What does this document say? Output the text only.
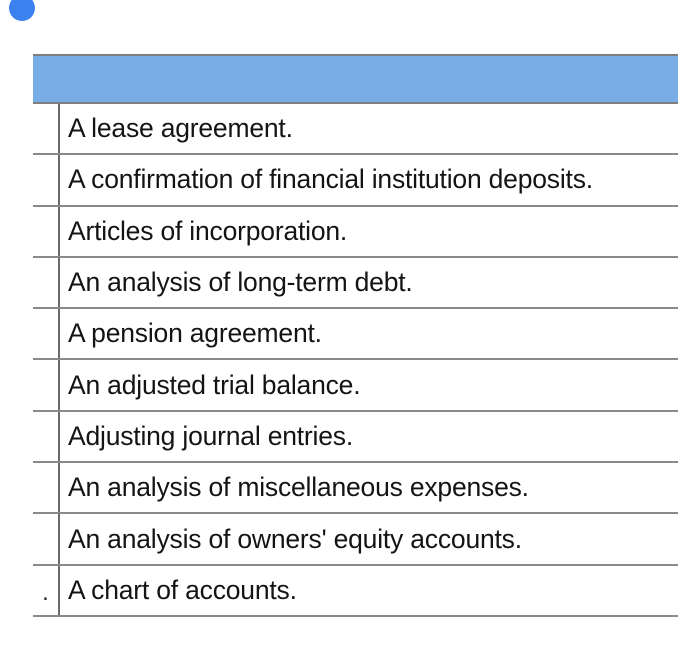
A lease agreement.
A confirmation of financial institution deposits.
Articles of incorporation.
An analysis of long-term debt.
A pension agreement.
An adjusted trial balance.
Adjusting journal entries.
An analysis of miscellaneous expenses.
An analysis of owners' equity accounts.
. A chart of accounts.
